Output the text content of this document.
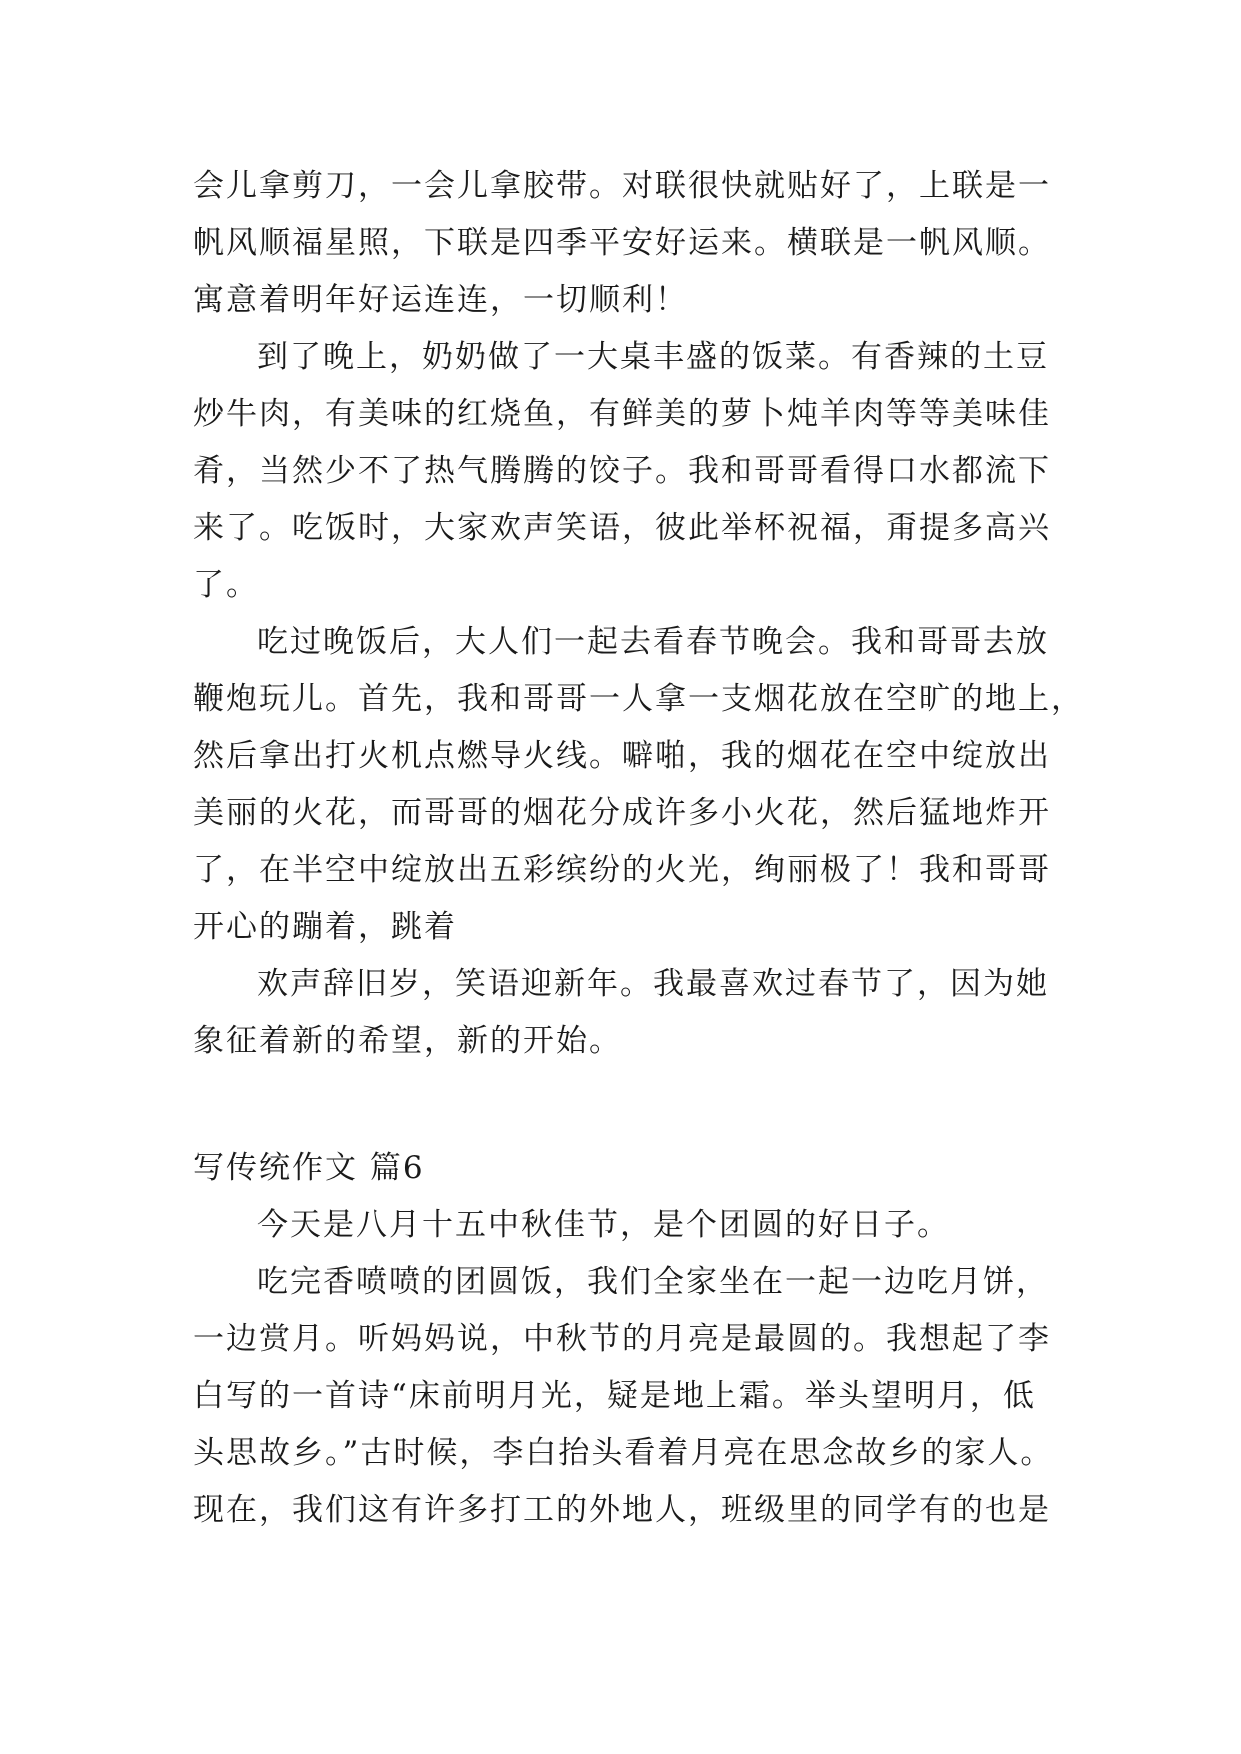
会儿拿剪刀，一会儿拿胶带。对联很快就贴好了，上联是一
帆风顺福星照，下联是四季平安好运来。横联是一帆风顺。
寓意着明年好运连连，一切顺利！
到了晚上，奶奶做了一大桌丰盛的饭菜。有香辣的土豆
炒牛肉，有美味的红烧鱼，有鲜美的萝卜炖羊肉等等美味佳
肴，当然少不了热气腾腾的饺子。我和哥哥看得口水都流下
来了。吃饭时，大家欢声笑语，彼此举杯祝福，甭提多高兴
了。
吃过晚饭后，大人们一起去看春节晚会。我和哥哥去放
鞭炮玩儿。首先，我和哥哥一人拿一支烟花放在空旷的地上，
然后拿出打火机点燃导火线。噼啪，我的烟花在空中绽放出
美丽的火花，而哥哥的烟花分成许多小火花，然后猛地炸开
了，在半空中绽放出五彩缤纷的火光，绚丽极了！我和哥哥
开心的蹦着，跳着
欢声辞旧岁，笑语迎新年。我最喜欢过春节了，因为她
象征着新的希望，新的开始。
写传统作文 篇6
今天是八月十五中秋佳节，是个团圆的好日子。
吃完香喷喷的团圆饭，我们全家坐在一起一边吃月饼，
一边赏月。听妈妈说，中秋节的月亮是最圆的。我想起了李
白写的一首诗“床前明月光，疑是地上霜。举头望明月，低
头思故乡。”古时候，李白抬头看着月亮在思念故乡的家人。
现在，我们这有许多打工的外地人，班级里的同学有的也是
